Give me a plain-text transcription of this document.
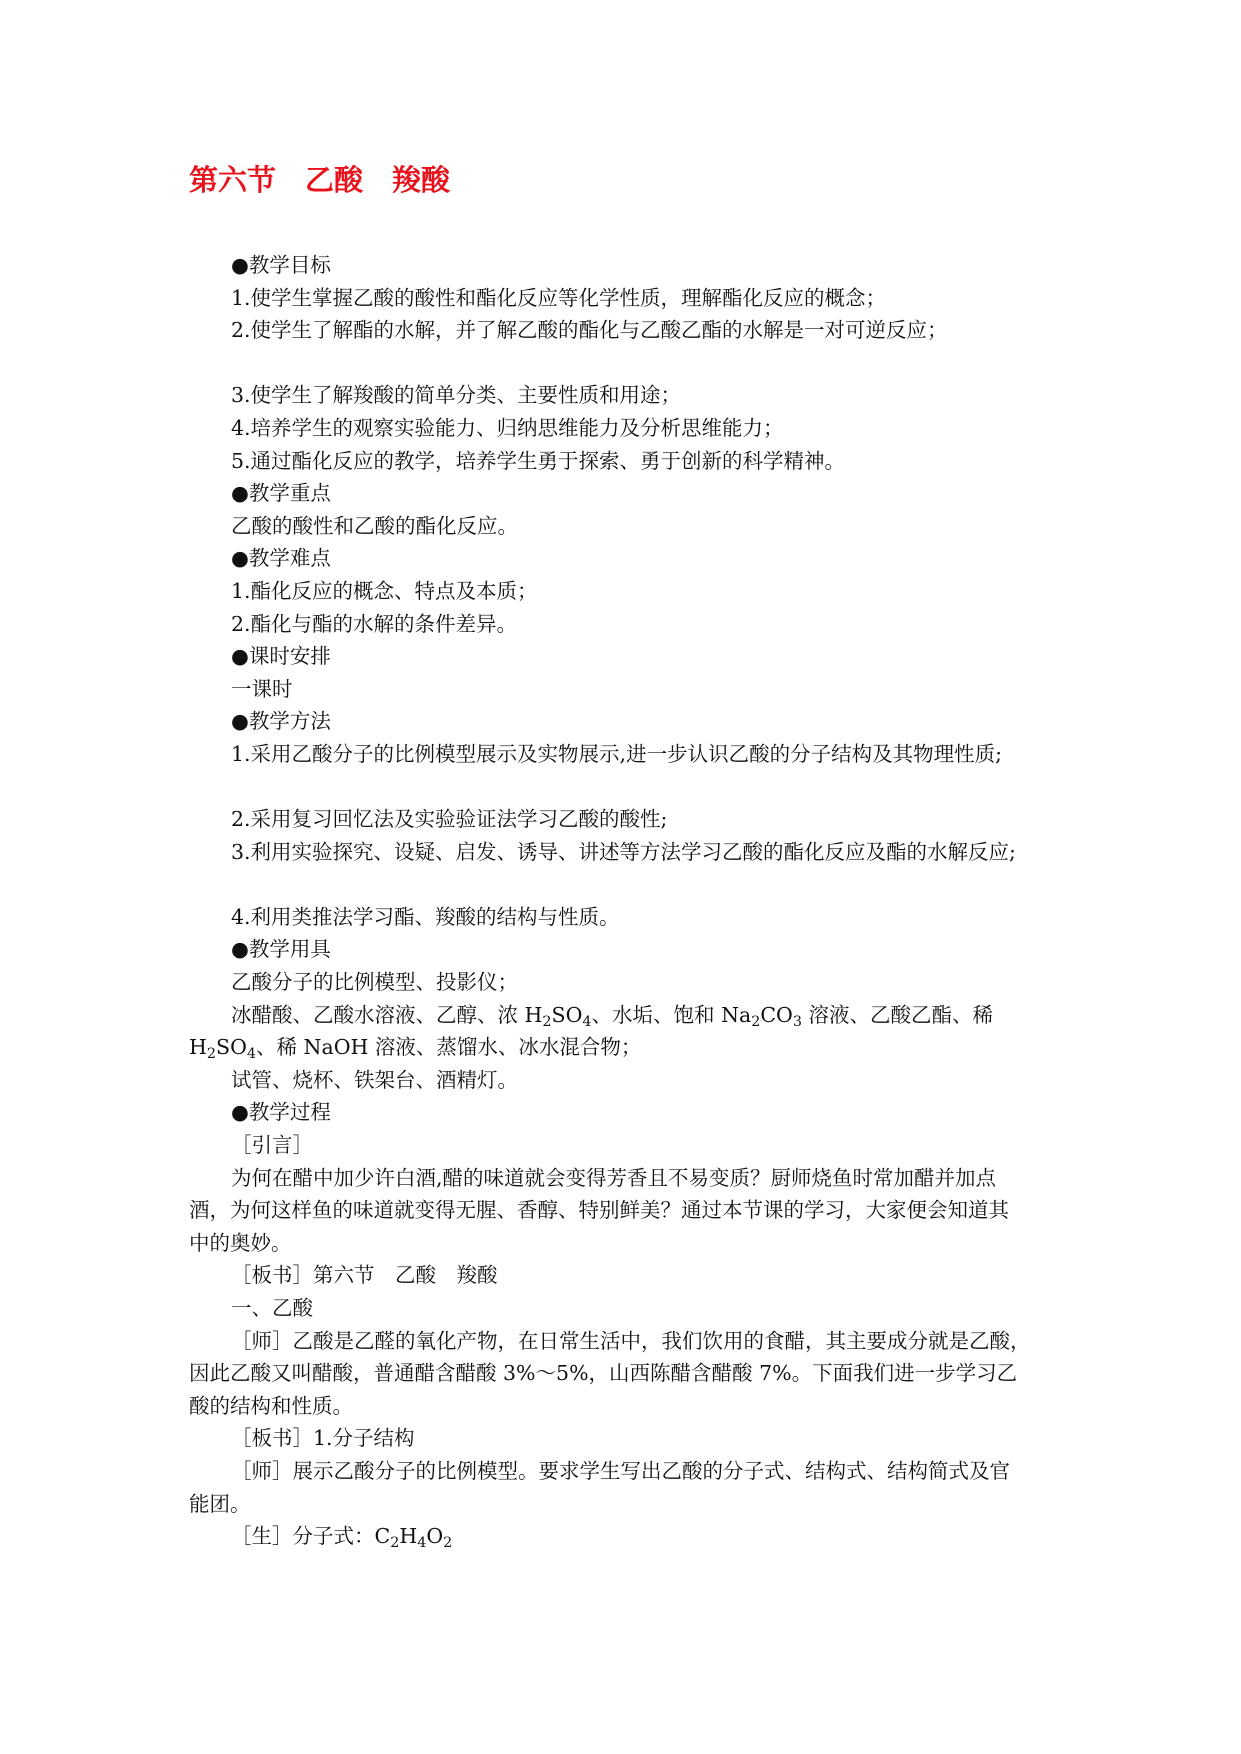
第六节　乙酸　羧酸

●教学目标

1.使学生掌握乙酸的酸性和酯化反应等化学性质，理解酯化反应的概念；

2.使学生了解酯的水解，并了解乙酸的酯化与乙酸乙酯的水解是一对可逆反应；

3.使学生了解羧酸的简单分类、主要性质和用途；

4.培养学生的观察实验能力、归纳思维能力及分析思维能力；

5.通过酯化反应的教学，培养学生勇于探索、勇于创新的科学精神。

●教学重点

乙酸的酸性和乙酸的酯化反应。

●教学难点

1.酯化反应的概念、特点及本质；

2.酯化与酯的水解的条件差异。

●课时安排

一课时

●教学方法

1.采用乙酸分子的比例模型展示及实物展示,进一步认识乙酸的分子结构及其物理性质;

2.采用复习回忆法及实验验证法学习乙酸的酸性;

3.利用实验探究、设疑、启发、诱导、讲述等方法学习乙酸的酯化反应及酯的水解反应;

4.利用类推法学习酯、羧酸的结构与性质。

●教学用具

乙酸分子的比例模型、投影仪；

冰醋酸、乙酸水溶液、乙醇、浓 $H_2SO_4$、水垢、饱和 $Na_2CO_3$ 溶液、乙酸乙酯、稀

$H_2SO_4$、稀 NaOH 溶液、蒸馏水、冰水混合物；

试管、烧杯、铁架台、酒精灯。

●教学过程

［引言］

为何在醋中加少许白酒,醋的味道就会变得芳香且不易变质？厨师烧鱼时常加醋并加点

酒，为何这样鱼的味道就变得无腥、香醇、特别鲜美？通过本节课的学习，大家便会知道其

中的奥妙。

［板书］第六节　乙酸　羧酸

一、乙酸

［师］乙酸是乙醛的氧化产物，在日常生活中，我们饮用的食醋，其主要成分就是乙酸，

因此乙酸又叫醋酸，普通醋含醋酸 3%～5%，山西陈醋含醋酸 7%。下面我们进一步学习乙

酸的结构和性质。

［板书］1.分子结构

［师］展示乙酸分子的比例模型。要求学生写出乙酸的分子式、结构式、结构简式及官

能团。

［生］分子式：$C_2H_4O_2$
